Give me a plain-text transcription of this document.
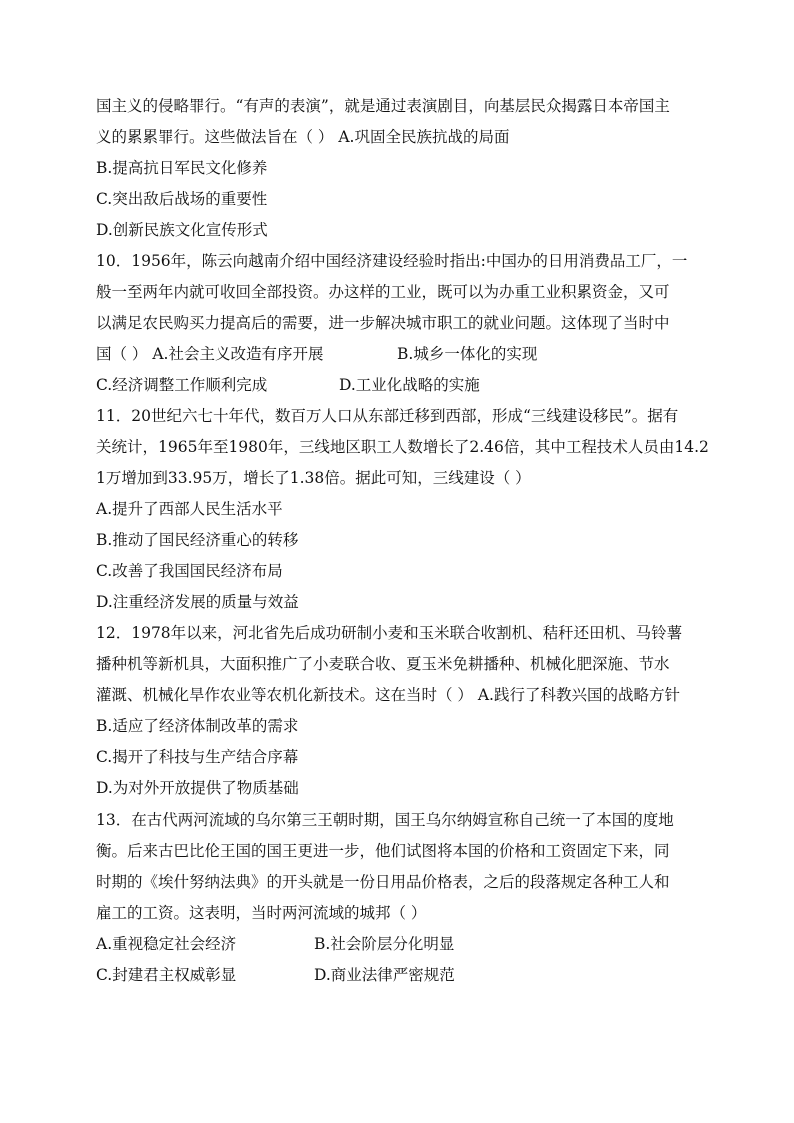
国主义的侵略罪行。“有声的表演”，就是通过表演剧目，向基层民众揭露日本帝国主
义的累累罪行。这些做法旨在（ ） A.巩固全民族抗战的局面
B.提高抗日军民文化修养
C.突出敌后战场的重要性
D.创新民族文化宣传形式
10．1956年，陈云向越南介绍中国经济建设经验时指出:中国办的日用消费品工厂，一
般一至两年内就可收回全部投资。办这样的工业，既可以为办重工业积累资金，又可
以满足农民购买力提高后的需要，进一步解决城市职工的就业问题。这体现了当时中
国（ ） A.社会主义改造有序开展	B.城乡一体化的实现
C.经济调整工作顺利完成	D.工业化战略的实施
11．20世纪六七十年代，数百万人口从东部迁移到西部，形成“三线建设移民”。据有
关统计，1965年至1980年，三线地区职工人数增长了2.46倍，其中工程技术人员由14.2
1万增加到33.95万，增长了1.38倍。据此可知，三线建设（ ）
A.提升了西部人民生活水平
B.推动了国民经济重心的转移
C.改善了我国国民经济布局
D.注重经济发展的质量与效益
12．1978年以来，河北省先后成功研制小麦和玉米联合收割机、秸秆还田机、马铃薯
播种机等新机具，大面积推广了小麦联合收、夏玉米免耕播种、机械化肥深施、节水
灌溉、机械化旱作农业等农机化新技术。这在当时（ ） A.践行了科教兴国的战略方针
B.适应了经济体制改革的需求
C.揭开了科技与生产结合序幕
D.为对外开放提供了物质基础
13．在古代两河流域的乌尔第三王朝时期，国王乌尔纳姆宣称自己统一了本国的度地
衡。后来古巴比伦王国的国王更进一步，他们试图将本国的价格和工资固定下来，同
时期的《埃什努纳法典》的开头就是一份日用品价格表，之后的段落规定各种工人和
雇工的工资。这表明，当时两河流域的城邦（ ）
A.重视稳定社会经济	B.社会阶层分化明显
C.封建君主权威彰显	D.商业法律严密规范
